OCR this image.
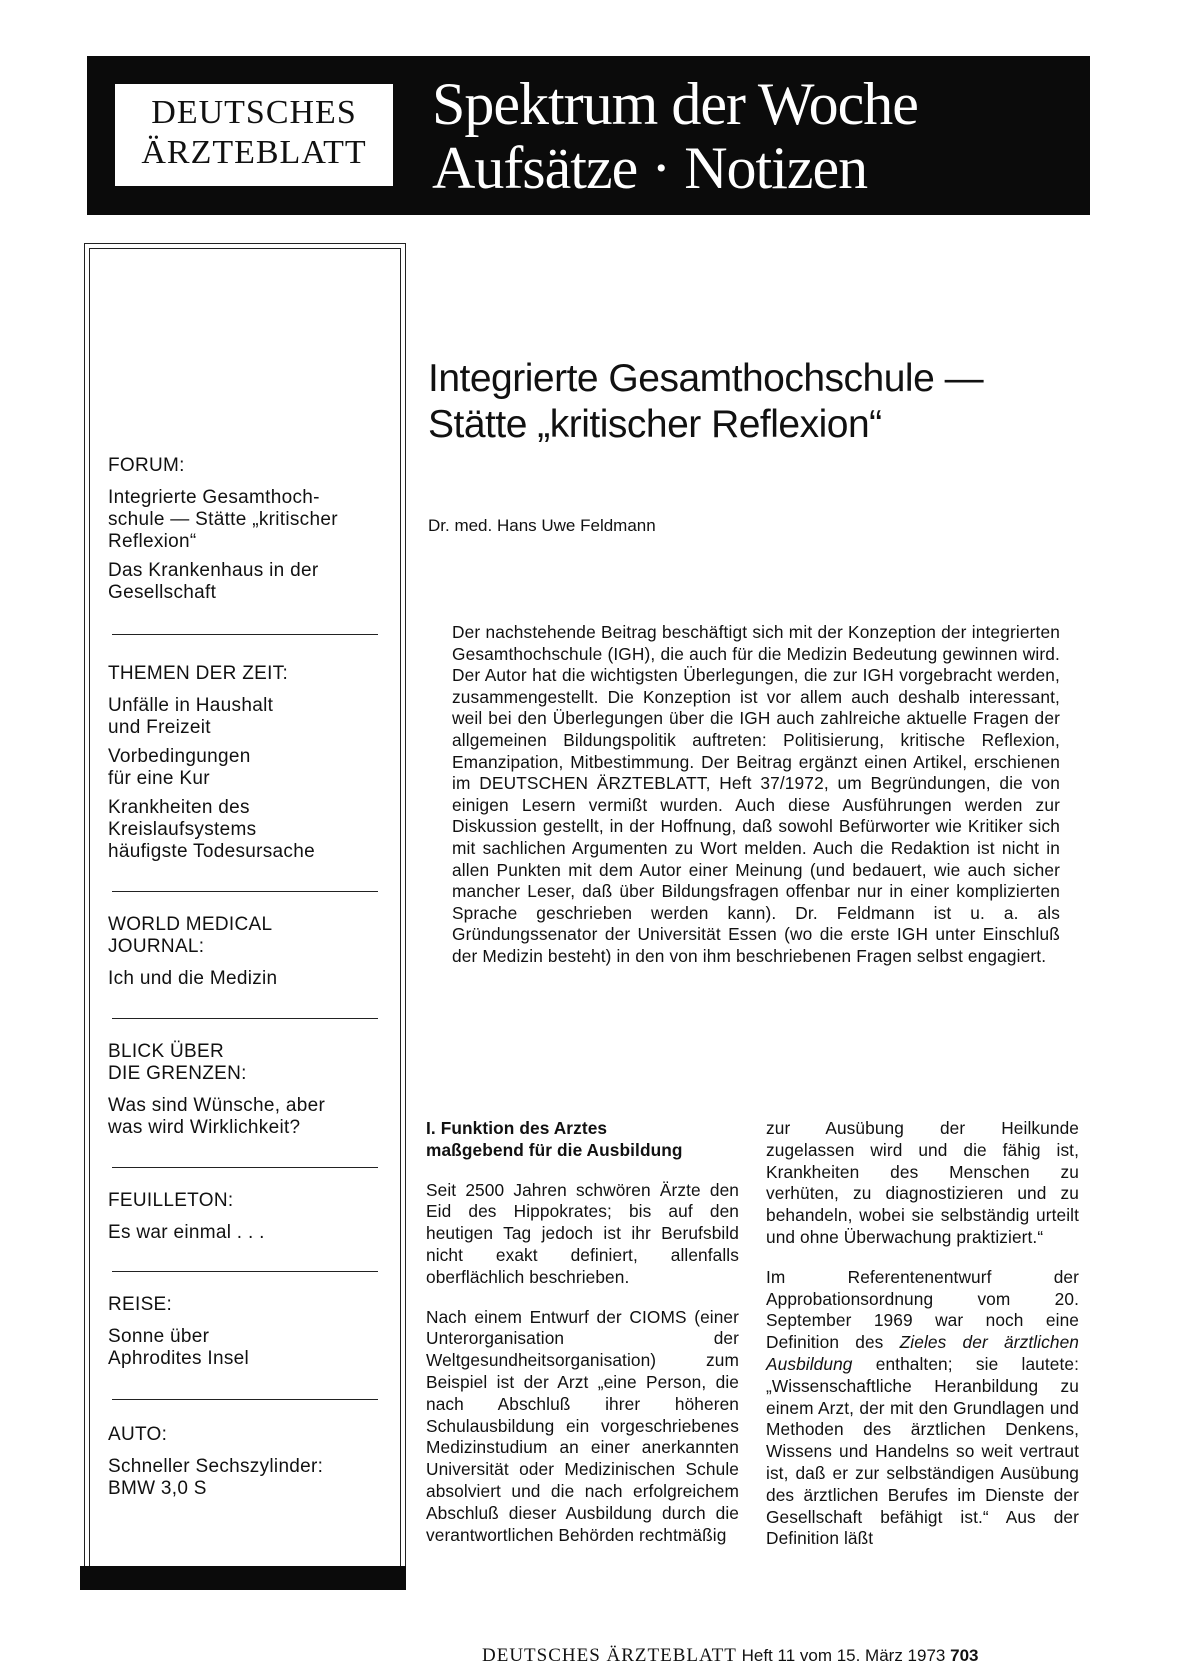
DEUTSCHES
ÄRZTEBLATT
Spektrum der Woche
Aufsätze · Notizen
FORUM:
Integrierte Gesamthoch-
schule — Stätte „kritischer
Reflexion“
Das Krankenhaus in der
Gesellschaft
THEMEN DER ZEIT:
Unfälle in Haushalt
und Freizeit
Vorbedingungen
für eine Kur
Krankheiten des
Kreislaufsystems
häufigste Todesursache
WORLD MEDICAL
JOURNAL:
Ich und die Medizin
BLICK ÜBER
DIE GRENZEN:
Was sind Wünsche, aber
was wird Wirklichkeit?
FEUILLETON:
Es war einmal . . .
REISE:
Sonne über
Aphrodites Insel
AUTO:
Schneller Sechszylinder:
BMW 3,0 S
Integrierte Gesamthochschule —
Stätte „kritischer Reflexion“
Dr. med. Hans Uwe Feldmann
Der nachstehende Beitrag beschäftigt sich mit der Konzeption der integrierten Gesamthochschule (IGH), die auch für die Medizin Bedeutung gewinnen wird. Der Autor hat die wichtigsten Überlegungen, die zur IGH vorgebracht werden, zusammengestellt. Die Konzeption ist vor allem auch deshalb interessant, weil bei den Überlegungen über die IGH auch zahlreiche aktuelle Fragen der allgemeinen Bildungspolitik auftreten: Politisierung, kritische Reflexion, Emanzipation, Mitbestimmung. Der Beitrag ergänzt einen Artikel, erschienen im DEUTSCHEN ÄRZTEBLATT, Heft 37/1972, um Begründungen, die von einigen Lesern vermißt wurden. Auch diese Ausführungen werden zur Diskussion gestellt, in der Hoffnung, daß sowohl Befürworter wie Kritiker sich mit sachlichen Argumenten zu Wort melden. Auch die Redaktion ist nicht in allen Punkten mit dem Autor einer Meinung (und bedauert, wie auch sicher mancher Leser, daß über Bildungsfragen offenbar nur in einer komplizierten Sprache geschrieben werden kann). Dr. Feldmann ist u. a. als Gründungssenator der Universität Essen (wo die erste IGH unter Einschluß der Medizin besteht) in den von ihm beschriebenen Fragen selbst engagiert.
I. Funktion des Arztes
maßgebend für die Ausbildung

Seit 2500 Jahren schwören Ärzte den Eid des Hippokrates; bis auf den heutigen Tag jedoch ist ihr Berufsbild nicht exakt definiert, allenfalls oberflächlich beschrieben.

Nach einem Entwurf der CIOMS (einer Unterorganisation der Weltgesundheitsorganisation) zum Beispiel ist der Arzt „eine Person, die nach Abschluß ihrer höheren Schulausbildung ein vorgeschriebenes Medizinstudium an einer anerkannten Universität oder Medizinischen Schule absolviert und die nach erfolgreichem Abschluß dieser Ausbildung durch die verantwortlichen Behörden rechtmäßig

zur Ausübung der Heilkunde zugelassen wird und die fähig ist, Krankheiten des Menschen zu verhüten, zu diagnostizieren und zu behandeln, wobei sie selbständig urteilt und ohne Überwachung praktiziert.“

Im Referentenentwurf der Approbationsordnung vom 20. September 1969 war noch eine Definition des Zieles der ärztlichen Ausbildung enthalten; sie lautete: „Wissenschaftliche Heranbildung zu einem Arzt, der mit den Grundlagen und Methoden des ärztlichen Denkens, Wissens und Handelns so weit vertraut ist, daß er zur selbständigen Ausübung des ärztlichen Berufes im Dienste der Gesellschaft befähigt ist.“ Aus der Definition läßt

DEUTSCHES ÄRZTEBLATT Heft 11 vom 15. März 1973 703
